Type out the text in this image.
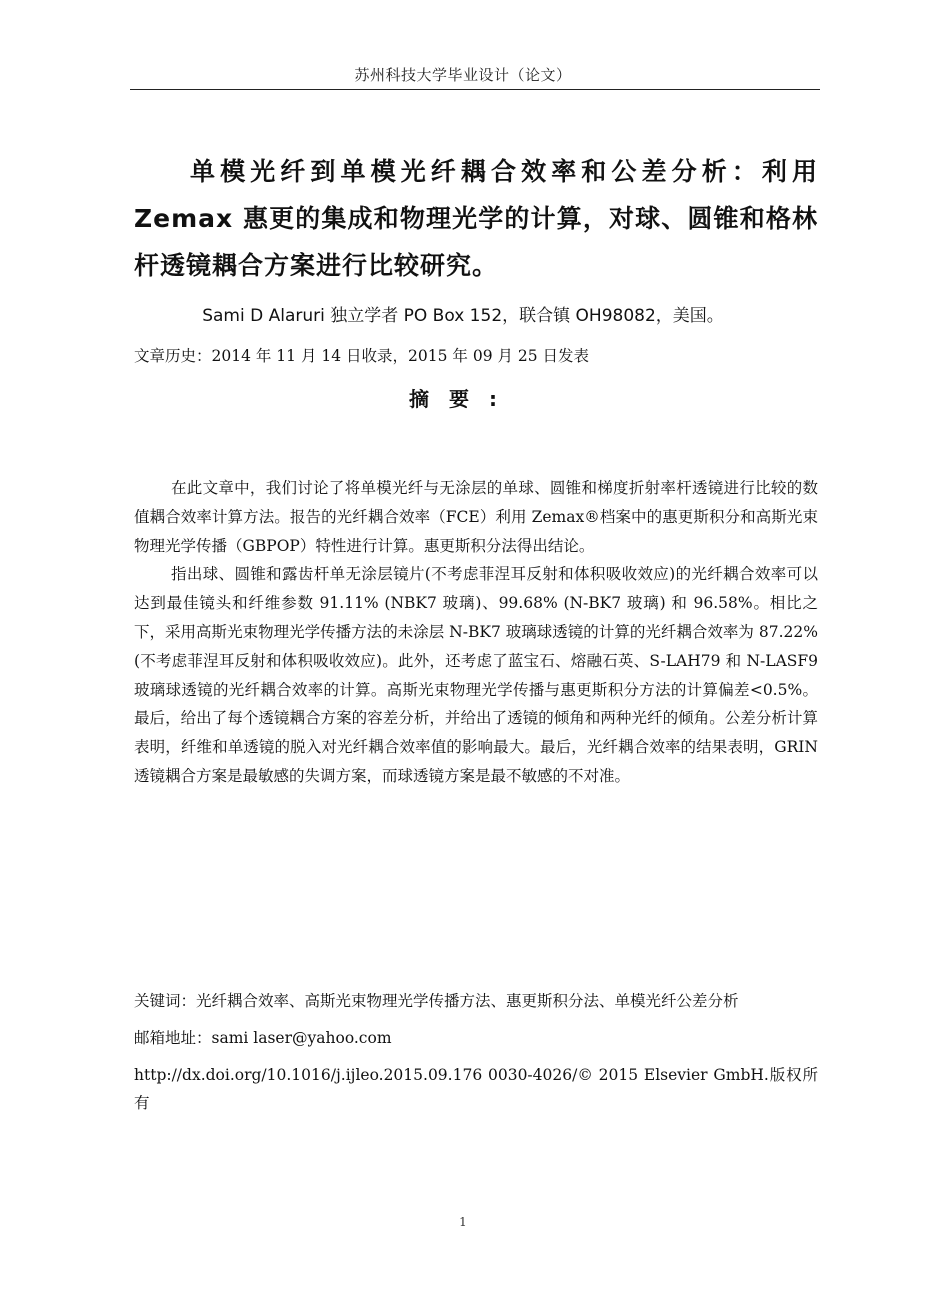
苏州科技大学毕业设计（论文）
单模光纤到单模光纤耦合效率和公差分析：利用 Zemax 惠更的集成和物理光学的计算，对球、圆锥和格林杆透镜耦合方案进行比较研究。
Sami D Alaruri 独立学者 PO Box 152，联合镇 OH98082，美国。
文章历史：2014 年 11 月 14 日收录，2015 年 09 月 25 日发表
摘要:

在此文章中，我们讨论了将单模光纤与无涂层的单球、圆锥和梯度折射率杆透镜进行比较的数值耦合效率计算方法。报告的光纤耦合效率（FCE）利用 Zemax®档案中的惠更斯积分和高斯光束物理光学传播（GBPOP）特性进行计算。惠更斯积分法得出结论。

指出球、圆锥和露齿杆单无涂层镜片(不考虑菲涅耳反射和体积吸收效应)的光纤耦合效率可以达到最佳镜头和纤维参数 91.11% (NBK7 玻璃)、99.68% (N-BK7 玻璃) 和 96.58%。相比之下，采用高斯光束物理光学传播方法的未涂层 N-BK7 玻璃球透镜的计算的光纤耦合效率为 87.22%(不考虑菲涅耳反射和体积吸收效应)。此外，还考虑了蓝宝石、熔融石英、S-LAH79 和 N-LASF9 玻璃球透镜的光纤耦合效率的计算。高斯光束物理光学传播与惠更斯积分方法的计算偏差<0.5%。最后，给出了每个透镜耦合方案的容差分析，并给出了透镜的倾角和两种光纤的倾角。公差分析计算表明，纤维和单透镜的脱入对光纤耦合效率值的影响最大。最后，光纤耦合效率的结果表明，GRIN 透镜耦合方案是最敏感的失调方案，而球透镜方案是最不敏感的不对准。

关键词：光纤耦合效率、高斯光束物理光学传播方法、惠更斯积分法、单模光纤公差分析

邮箱地址：sami laser@yahoo.com

http://dx.doi.org/10.1016/j.ijleo.2015.09.176 0030-4026/© 2015 Elsevier GmbH.版权所有

1
